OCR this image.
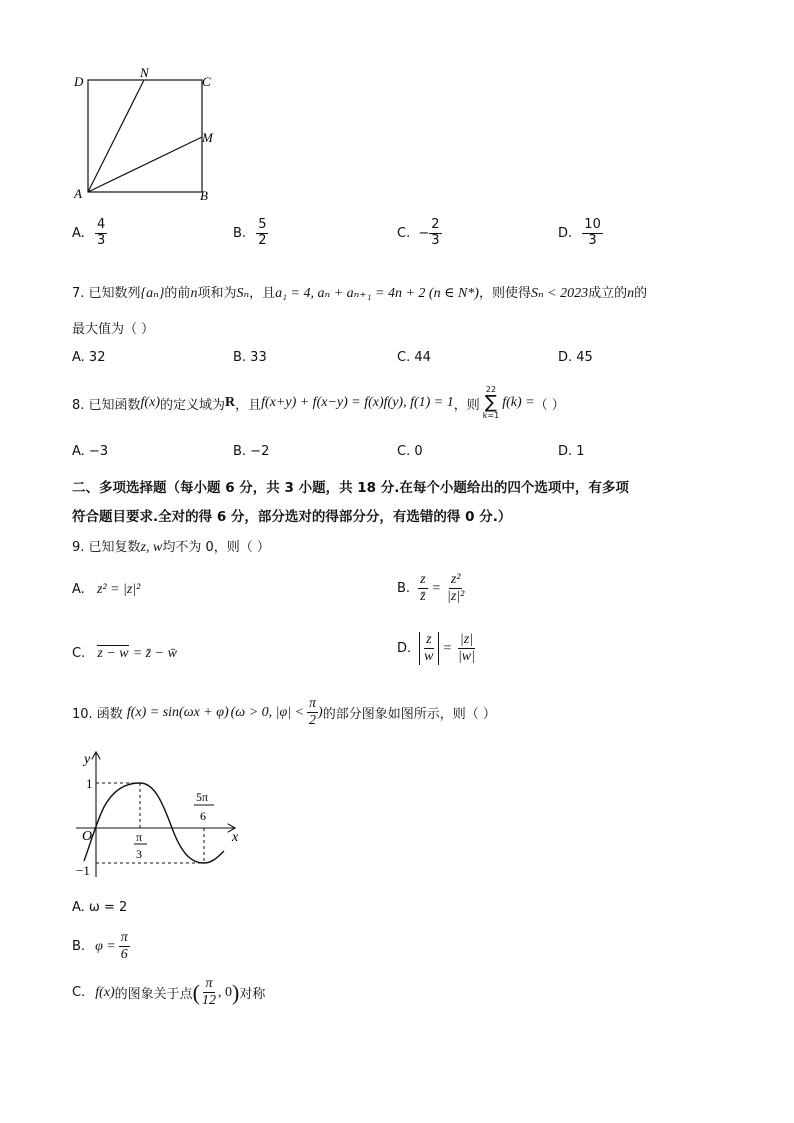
D
N
C
M
A	B
A. $\frac{4}{3}$	B. $\frac{5}{2}$	C. − $\frac{2}{3}$	D. $\frac{10}{3}$
7. 已知数列{aₙ}的前n项和为Sₙ，且a₁ = 4, aₙ + aₙ₊₁ = 4n + 2 (n ∈ N*)，则使得Sₙ < 2023成立的n的
最大值为（ ）
A. 32	B. 33	C. 44	D. 45
8. 已知函数 f(x) 的定义域为 R ，且 f(x+y) + f(x−y) = f(x)f(y), f(1) = 1 ，则
22
∑
k=1
f(k) = （ ）
A. −3	B. −2	C. 0	D. 1
二、多项选择题（每小题 6 分，共 3 小题，共 18 分.在每个小题给出的四个选项中，有多项
符合题目要求.全对的得 6 分，部分选对的得部分分，有选错的得 0 分.）
9. 已知复数z, w均不为 0，则（ ）
A. z² = |z|²	B. $\frac{z}{z̄} = \frac{\text{z²}}{\text{|z|²}}$
C. z − w = z̄ − w̄	D. $\frac{z}{w} = \frac{|z|}{|w|}$
10. 函数 f(x) = sin(ωx + φ) (ω > 0, $|\varphi| < \frac{\pi}{2}$ ) 的部分图象如图所示，则（ ）
y
x
1
−1
O	π
3
5π
6
A. ω = 2
B. $\varphi = \frac{\pi}{6}$
C. f(x) 的图象关于点 ( $\frac{\pi}{12}$ , 0 ) 对称
